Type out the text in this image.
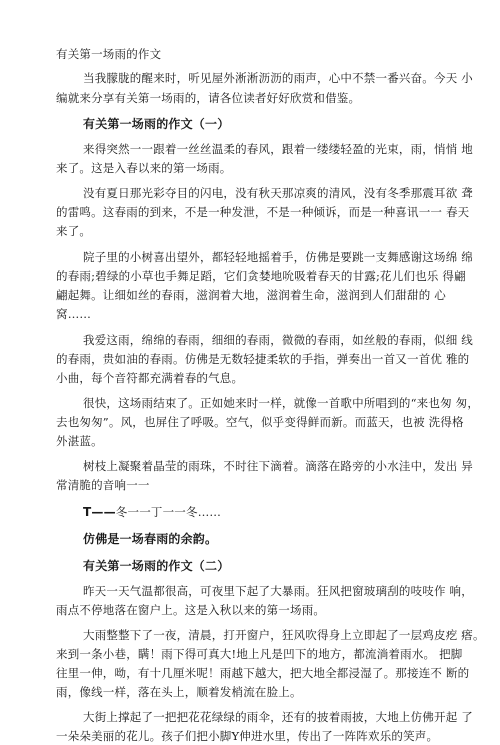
有关第一场雨的作文
当我朦胧的醒来时，听见屋外淅淅沥沥的雨声，心中不禁一番兴奋。今天 小
编就来分享有关第一场雨的，请各位读者好好欣赏和借鉴。
有关第一场雨的作文（一）
来得突然一一跟着一丝丝温柔的春风，跟着一缕缕轻盈的光束，雨，悄悄 地
来了。这是入春以来的第一场雨。
没有夏日那光彩夺目的闪电，没有秋天那凉爽的清风，没有冬季那震耳欲 聋
的雷鸣。这春雨的到来，不是一种发泄，不是一种倾诉，而是一种喜讯一一 春天
来了。
院子里的小树喜出望外，都轻轻地摇着手，仿佛是要跳一支舞感谢这场绵 绵
的春雨;碧绿的小草也手舞足蹈，它们贪婪地吮吸着春天的甘露;花儿们也乐 得翩
翩起舞。让细如丝的春雨，滋润着大地，滋润着生命，滋润到人们甜甜的 心
窝……
我爱这雨，绵绵的春雨，细细的春雨，微微的春雨，如丝般的春雨，似细 线
的春雨，贵如油的春雨。仿佛是无数轻捷柔软的手指，弹奏出一首又一首优 雅的
小曲，每个音符都充满着春的气息。
很快，这场雨结束了。正如她来时一样，就像一首歌中所唱到的“来也匆 匆，
去也匆匆”。风，也屏住了呼吸。空气，似乎变得鲜而新。而蓝天，也被 洗得格
外湛蓝。
树枝上凝聚着晶莹的雨珠，不时往下滴着。滴落在路旁的小水洼中，发出 异
常清脆的音响一一
T——冬一一丁一一冬……
仿佛是一场春雨的余韵。
有关第一场雨的作文（二）
昨天一天气温都很高，可夜里下起了大暴雨。狂风把窗玻璃刮的吱吱作 响，
雨点不停地落在窗户上。这是入秋以来的第一场雨。
大雨整整下了一夜，清晨，打开窗户，狂风吹得身上立即起了一层鸡皮疙 瘩。
来到一条小巷，瞒！雨下得可真大!地上凡是凹下的地方，都流淌着雨水。 把脚
往里一伸，呦，有十几厘米呢！雨越下越大，把大地全都浸湿了。那接连不 断的
雨，像线一样，落在头上，顺着发梢流在脸上。
大街上撑起了一把把花花绿绿的雨伞，还有的披着雨披，大地上仿佛开起 了
一朵朵美丽的花儿。孩子们把小脚Y伸进水里，传出了一阵阵欢乐的笑声。
